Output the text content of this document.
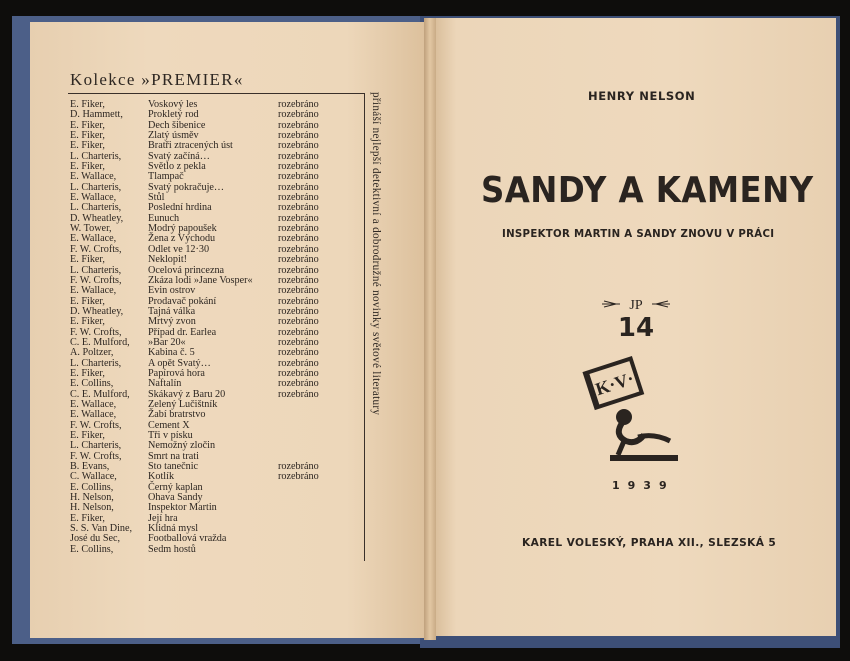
Kolekce »PREMIER«
E. Fiker,	Voskový les	rozebráno
D. Hammett, Prokletý rod	rozebráno
E. Fiker,	Dech šibenice	rozebráno
E. Fiker,	Zlatý úsměv	rozebráno
E. Fiker,	Bratři ztracených úst	rozebráno
L. Charteris,	Svatý začíná…	rozebráno
E. Fiker,	Světlo z pekla	rozebráno
E. Wallace,	Tlampač	rozebráno
L. Charteris,	Svatý pokračuje…	rozebráno
E. Wallace,	Stůl	rozebráno
L. Charteris,	Poslední hrdina	rozebráno
D. Wheatley, Eunuch	rozebráno
W. Tower,	Modrý papoušek	rozebráno
E. Wallace,	Žena z Východu	rozebráno
F. W. Crofts,	Odlet ve 12·30	rozebráno
E. Fiker,	Neklopit!	rozebráno
L. Charteris,	Ocelová princezna	rozebráno
F. W. Crofts,	Zkáza lodi »Jane Vosper« rozebráno
E. Wallace,	Evin ostrov	rozebráno
E. Fiker,	Prodavač pokání	rozebráno
D. Wheatley, Tajná válka	rozebráno
E. Fiker,	Mrtvý zvon	rozebráno
F. W. Crofts,	Případ dr. Earlea	rozebráno
C. E. Mulford, »Bar 20«	rozebráno
A. Poltzer,	Kabina č. 5	rozebráno
L. Charteris,	A opět Svatý…	rozebráno
E. Fiker,	Papírová hora	rozebráno
E. Collins,	Naftalín	rozebráno
C. E. Mulford, Skákavý z Baru 20	rozebráno
E. Wallace,	Zelený Lučištník
E. Wallace,	Žabí bratrstvo
F. W. Crofts,	Cement X
E. Fiker,	Tři v písku
L. Charteris,	Nemožný zločin
F. W. Crofts,	Smrt na trati
B. Evans,	Sto tanečnic	rozebráno
C. Wallace,	Kotlík	rozebráno
E. Collins,	Černý kaplan
H. Nelson,	Ohava Sandy
H. Nelson,	Inspektor Martin
E. Fiker,	Její hra
S. S. Van Dine, Klidná mysl
José du Sec,	Footballová vražda
E. Collins,	Sedm hostů
přináší nejlepší detektivní a dobrodružné novinky světové literatury	HENRY NELSON
SANDY A KAMENY
INSPEKTOR MARTIN A SANDY ZNOVU V PRÁCI
JP
14
K·V·
1939
KAREL VOLESKÝ, PRAHA XII., SLEZSKÁ 5
